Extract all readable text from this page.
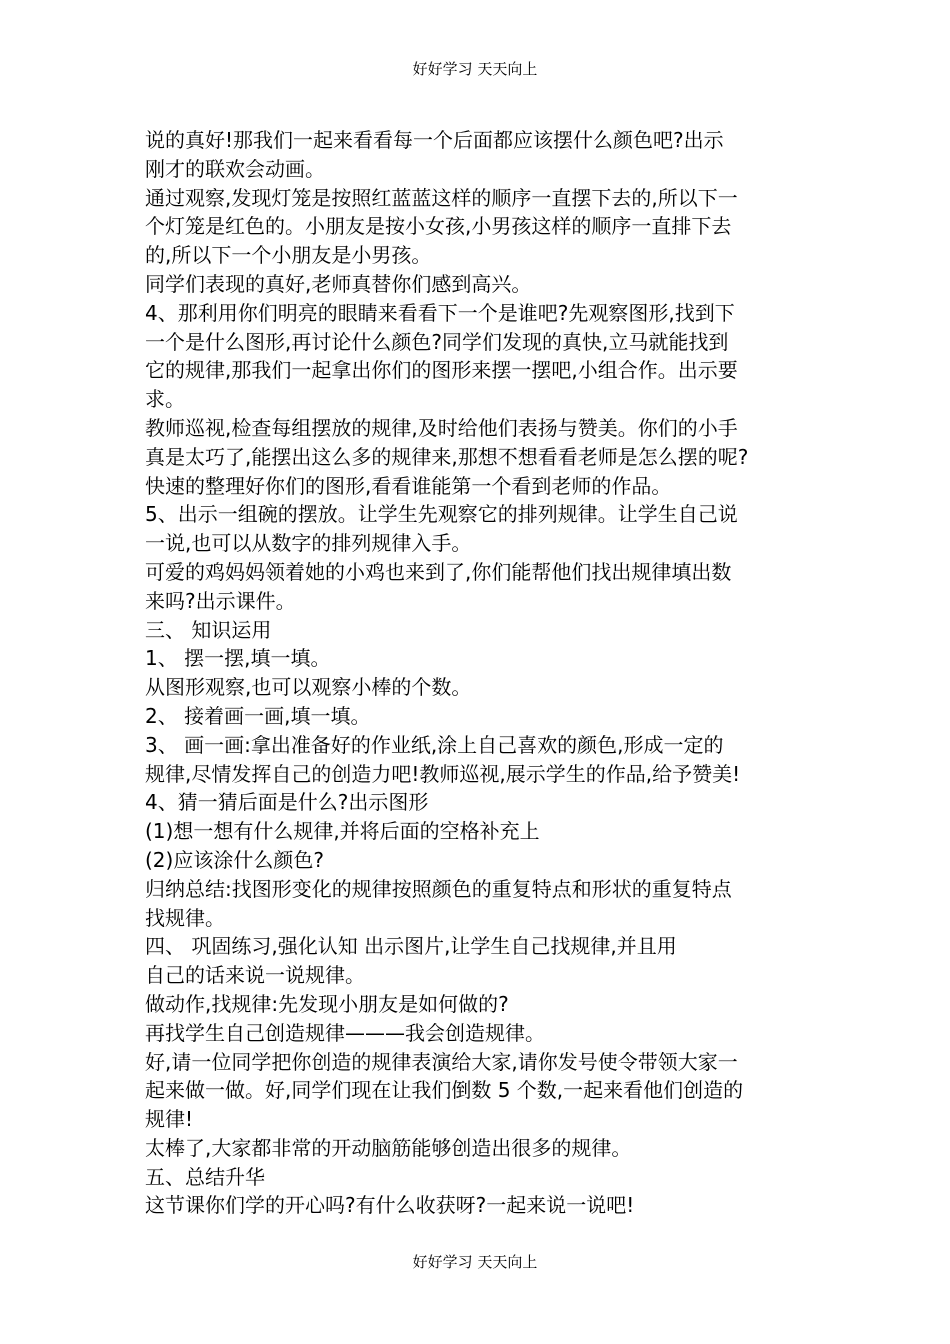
好好学习 天天向上
说的真好!那我们一起来看看每一个后面都应该摆什么颜色吧?出示
刚才的联欢会动画。
通过观察,发现灯笼是按照红蓝蓝这样的顺序一直摆下去的,所以下一
个灯笼是红色的。小朋友是按小女孩,小男孩这样的顺序一直排下去
的,所以下一个小朋友是小男孩。
同学们表现的真好,老师真替你们感到高兴。
4、那利用你们明亮的眼睛来看看下一个是谁吧?先观察图形,找到下
一个是什么图形,再讨论什么颜色?同学们发现的真快,立马就能找到
它的规律,那我们一起拿出你们的图形来摆一摆吧,小组合作。出示要
求。
教师巡视,检查每组摆放的规律,及时给他们表扬与赞美。你们的小手
真是太巧了,能摆出这么多的规律来,那想不想看看老师是怎么摆的呢?
快速的整理好你们的图形,看看谁能第一个看到老师的作品。
5、出示一组碗的摆放。让学生先观察它的排列规律。让学生自己说
一说,也可以从数字的排列规律入手。
可爱的鸡妈妈领着她的小鸡也来到了,你们能帮他们找出规律填出数
来吗?出示课件。
三、 知识运用
1、 摆一摆,填一填。
从图形观察,也可以观察小棒的个数。
2、 接着画一画,填一填。
3、 画一画:拿出准备好的作业纸,涂上自己喜欢的颜色,形成一定的
规律,尽情发挥自己的创造力吧!教师巡视,展示学生的作品,给予赞美!
4、猜一猜后面是什么?出示图形
(1)想一想有什么规律,并将后面的空格补充上
(2)应该涂什么颜色?
归纳总结:找图形变化的规律按照颜色的重复特点和形状的重复特点
找规律。
四、 巩固练习,强化认知 出示图片,让学生自己找规律,并且用
自己的话来说一说规律。
做动作,找规律:先发现小朋友是如何做的?
再找学生自己创造规律———我会创造规律。
好,请一位同学把你创造的规律表演给大家,请你发号使令带领大家一
起来做一做。好,同学们现在让我们倒数 5 个数,一起来看他们创造的
规律!
太棒了,大家都非常的开动脑筋能够创造出很多的规律。
五、总结升华
这节课你们学的开心吗?有什么收获呀?一起来说一说吧!
好好学习 天天向上
